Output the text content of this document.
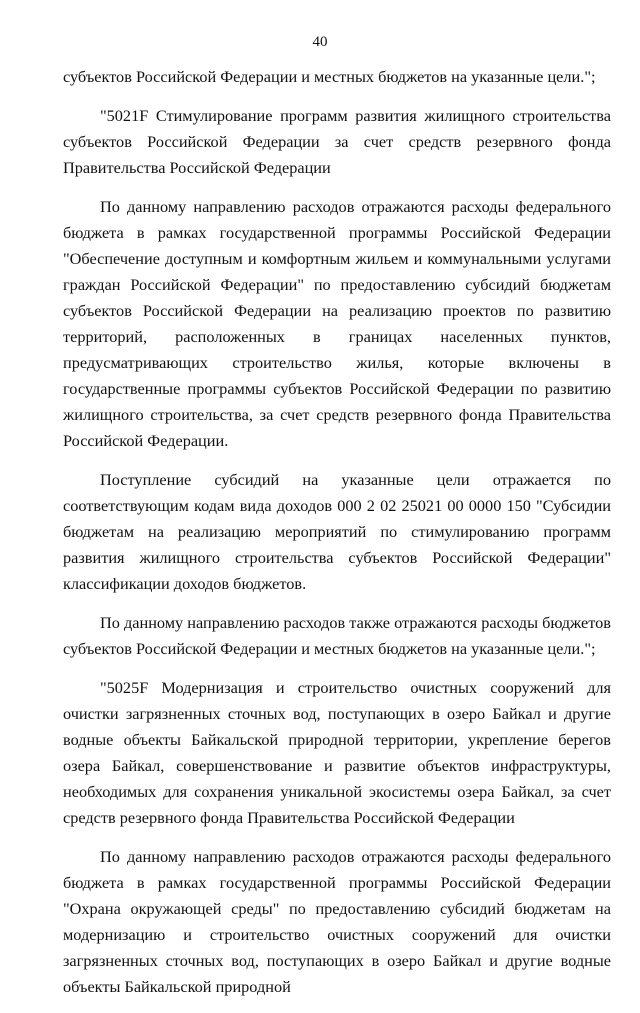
40

субъектов Российской Федерации и местных бюджетов на указанные цели.";

"5021F Стимулирование программ развития жилищного строительства субъектов Российской Федерации за счет средств резервного фонда Правительства Российской Федерации

По данному направлению расходов отражаются расходы федерального бюджета в рамках государственной программы Российской Федерации "Обеспечение доступным и комфортным жильем и коммунальными услугами граждан Российской Федерации" по предоставлению субсидий бюджетам субъектов Российской Федерации на реализацию проектов по развитию территорий, расположенных в границах населенных пунктов, предусматривающих строительство жилья, которые включены в государственные программы субъектов Российской Федерации по развитию жилищного строительства, за счет средств резервного фонда Правительства Российской Федерации.

Поступление субсидий на указанные цели отражается по соответствующим кодам вида доходов 000 2 02 25021 00 0000 150 "Субсидии бюджетам на реализацию мероприятий по стимулированию программ развития жилищного строительства субъектов Российской Федерации" классификации доходов бюджетов.

По данному направлению расходов также отражаются расходы бюджетов субъектов Российской Федерации и местных бюджетов на указанные цели.";

"5025F Модернизация и строительство очистных сооружений для очистки загрязненных сточных вод, поступающих в озеро Байкал и другие водные объекты Байкальской природной территории, укрепление берегов озера Байкал, совершенствование и развитие объектов инфраструктуры, необходимых для сохранения уникальной экосистемы озера Байкал, за счет средств резервного фонда Правительства Российской Федерации

По данному направлению расходов отражаются расходы федерального бюджета в рамках государственной программы Российской Федерации "Охрана окружающей среды" по предоставлению субсидий бюджетам на модернизацию и строительство очистных сооружений для очистки загрязненных сточных вод, поступающих в озеро Байкал и другие водные объекты Байкальской природной
